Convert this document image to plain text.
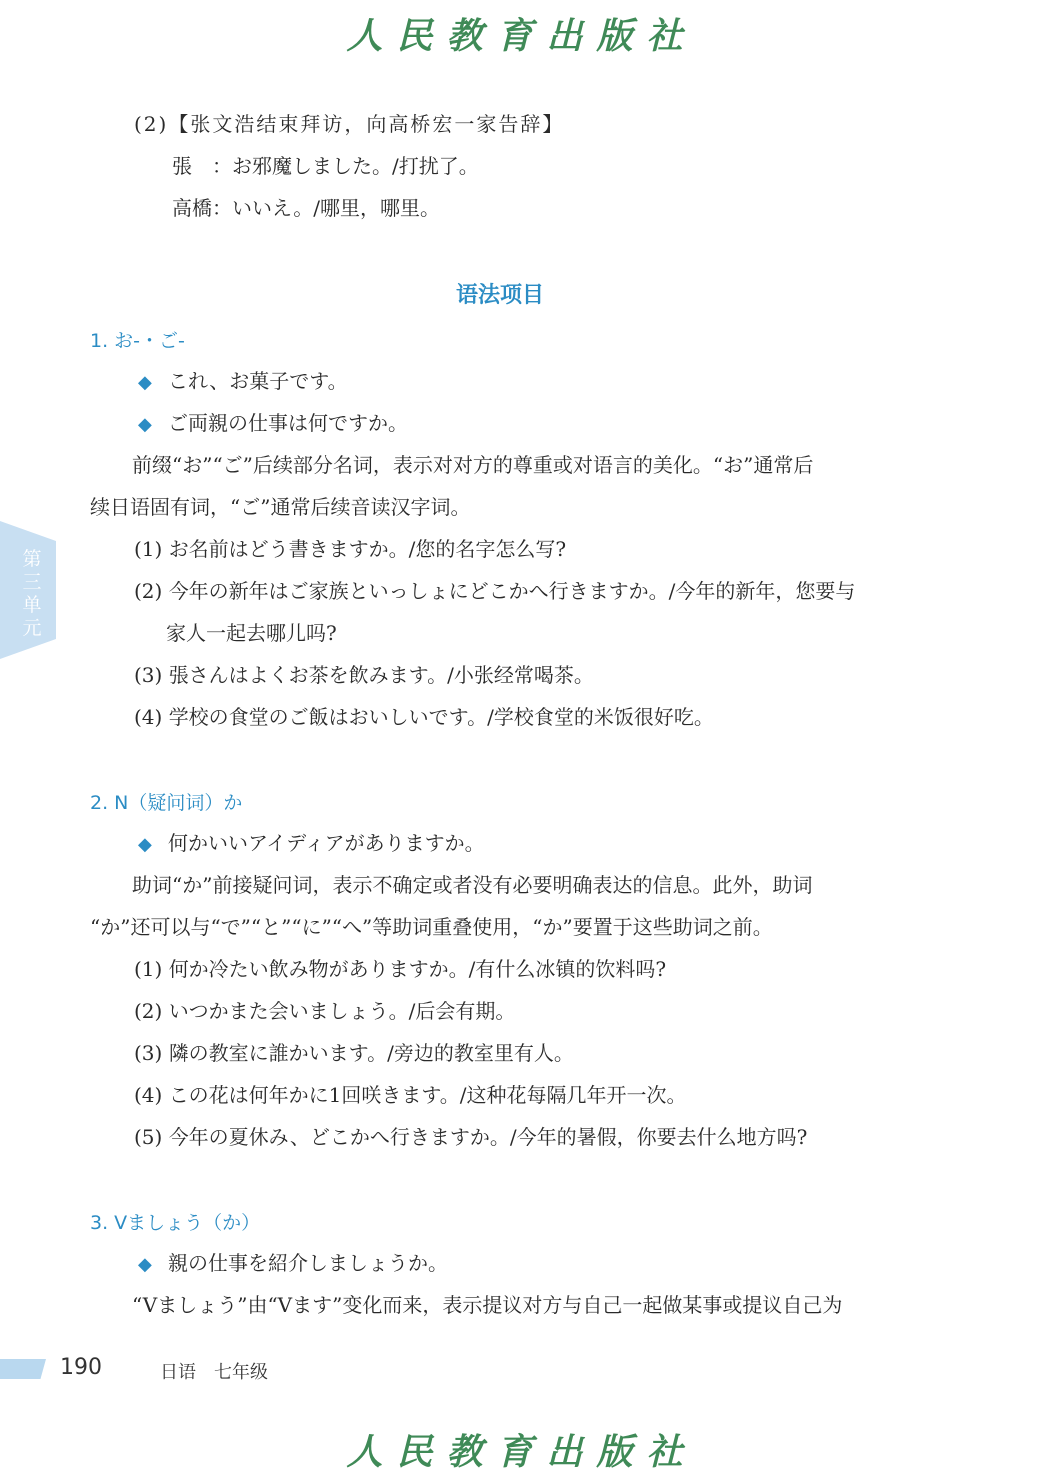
人民教育出版社
(2)【张文浩结束拜访，向高桥宏一家告辞】
張　：お邪魔しました。/打扰了。
高橋：いいえ。/哪里，哪里。
语法项目
1. お-・ご-
◆ これ、お菓子です。
◆ ご両親の仕事は何ですか。
前缀“お”“ご”后续部分名词，表示对对方的尊重或对语言的美化。“お”通常后
续日语固有词，“ご”通常后续音读汉字词。
(1) お名前はどう書きますか。/您的名字怎么写?
(2) 今年の新年はご家族といっしょにどこかへ行きますか。/今年的新年，您要与
家人一起去哪儿吗?
(3) 張さんはよくお茶を飲みます。/小张经常喝茶。
(4) 学校の食堂のご飯はおいしいです。/学校食堂的米饭很好吃。
2. N（疑问词）か
◆ 何かいいアイディアがありますか。
助词“か”前接疑问词，表示不确定或者没有必要明确表达的信息。此外，助词
“か”还可以与“で”“と”“に”“へ”等助词重叠使用，“か”要置于这些助词之前。
(1) 何か冷たい飲み物がありますか。/有什么冰镇的饮料吗?
(2) いつかまた会いましょう。/后会有期。
(3) 隣の教室に誰かいます。/旁边的教室里有人。
(4) この花は何年かに1回咲きます。/这种花每隔几年开一次。
(5) 今年の夏休み、どこかへ行きますか。/今年的暑假，你要去什么地方吗?
3. Vましょう（か）
◆ 親の仕事を紹介しましょうか。
“Vましょう”由“Vます”变化而来，表示提议对方与自己一起做某事或提议自己为
第三单元
190	日语　七年级
人民教育出版社
